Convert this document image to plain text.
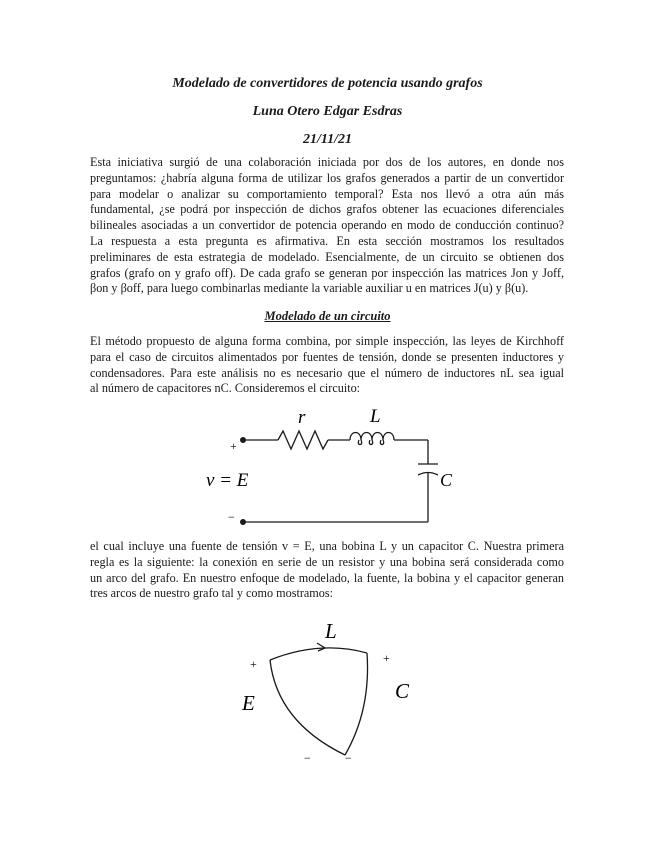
Modelado de convertidores de potencia usando grafos
Luna Otero Edgar Esdras
21/11/21

Esta iniciativa surgió de una colaboración iniciada por dos de los autores, en donde nos
preguntamos: ¿habría alguna forma de utilizar los grafos generados a partir de un convertidor
para modelar o analizar su comportamiento temporal? Esta nos llevó a otra aún más
fundamental, ¿se podrá por inspección de dichos grafos obtener las ecuaciones diferenciales
bilineales asociadas a un convertidor de potencia operando en modo de conducción continuo?
La respuesta a esta pregunta es afirmativa. En esta sección mostramos los resultados
preliminares de esta estrategia de modelado. Esencialmente, de un circuito se obtienen dos
grafos (grafo on y grafo off). De cada grafo se generan por inspección las matrices Jon y Joff,
βon y βoff, para luego combinarlas mediante la variable auxiliar u en matrices J(u) y β(u).

Modelado de un circuito

El método propuesto de alguna forma combina, por simple inspección, las leyes de Kirchhoff
para el caso de circuitos alimentados por fuentes de tensión, donde se presenten inductores y
condensadores. Para este análisis no es necesario que el número de inductores nL sea igual
al número de capacitores nC. Consideremos el circuito:

+
−
v = E
r	L
C

el cual incluye una fuente de tensión v = E, una bobina L y un capacitor C. Nuestra primera
regla es la siguiente: la conexión en serie de un resistor y una bobina será considerada como
un arco del grafo. En nuestro enfoque de modelado, la fuente, la bobina y el capacitor generan
tres arcos de nuestro grafo tal y como mostramos:

L
E	C
+	+
−	−
